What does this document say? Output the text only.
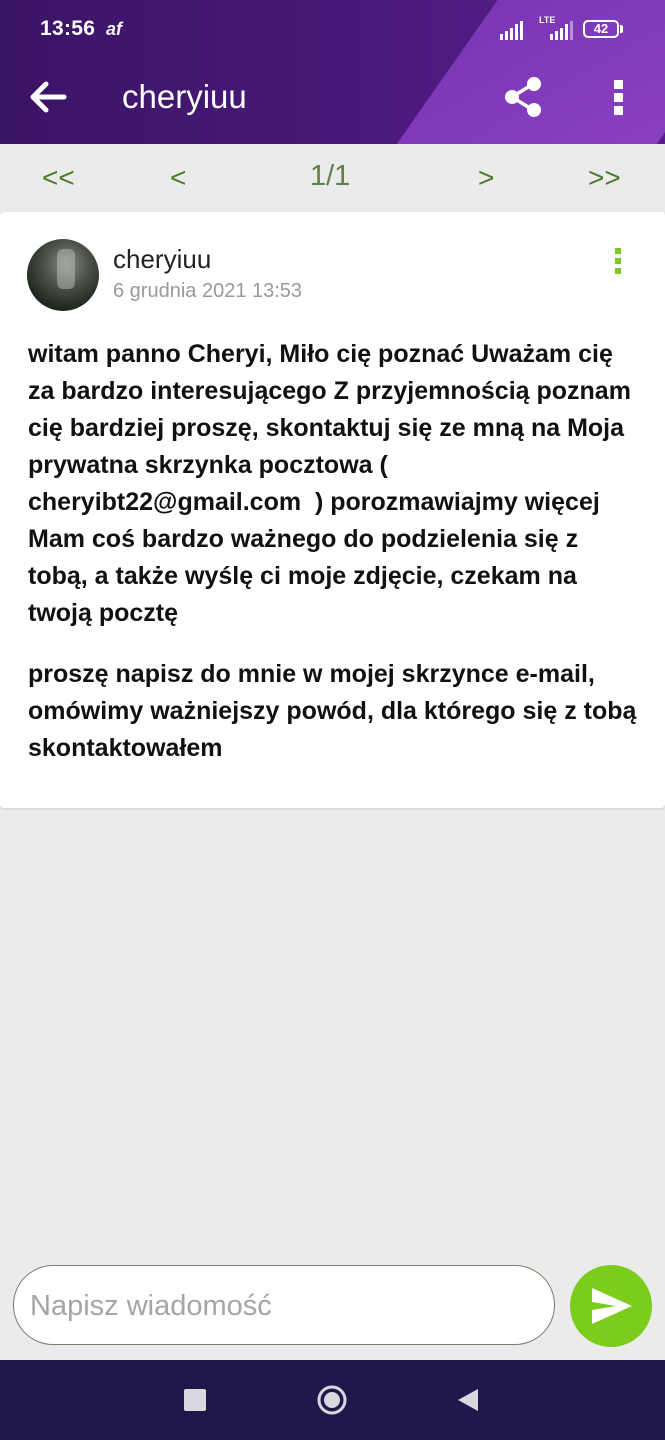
13:56 af	LTE
42
cheryiuu
<<	<	1/1	>	>>
cheryiuu
6 grudnia 2021 13:53

witam panno Cheryi, Miło cię poznać Uważam cię za bardzo interesującego Z przyjemnością poznam cię bardziej proszę, skontaktuj się ze mną na Moja prywatna skrzynka pocztowa ( cheryibt22@gmail.com  ) porozmawiajmy więcej Mam coś bardzo ważnego do podzielenia się z tobą, a także wyślę ci moje zdjęcie, czekam na twoją pocztę

proszę napisz do mnie w mojej skrzynce e-mail, omówimy ważniejszy powód, dla którego się z tobą skontaktowałem

Napisz wiadomość
